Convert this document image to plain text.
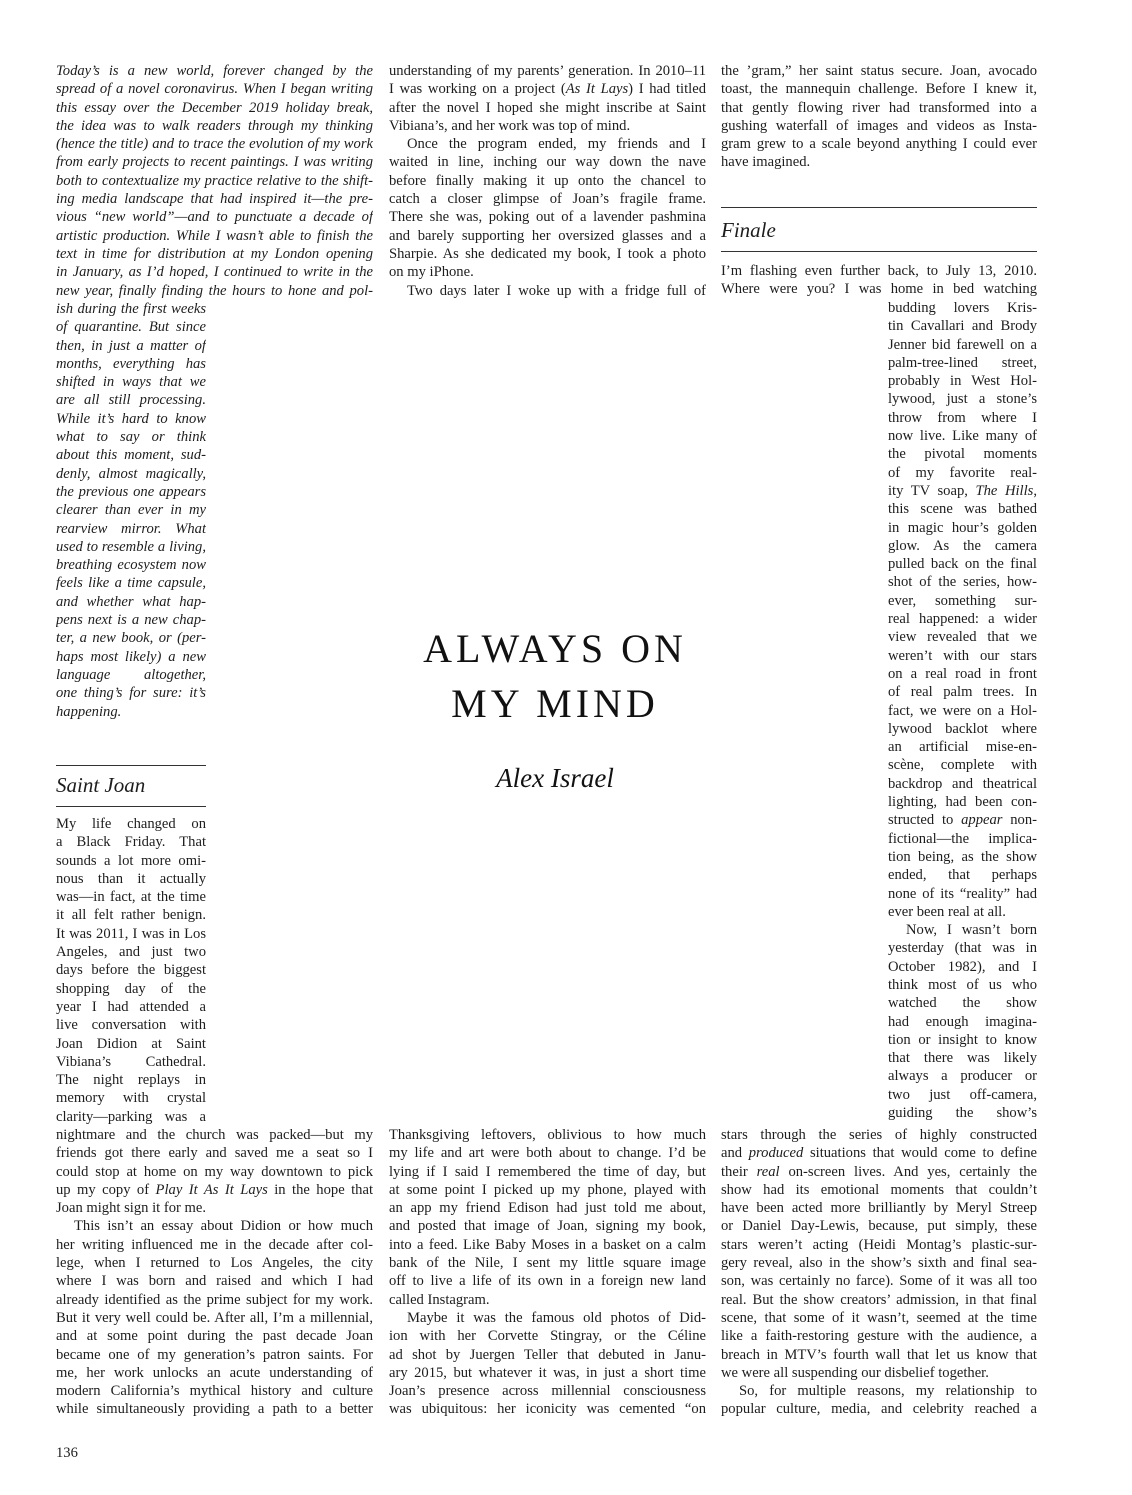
Today’s is a new world, forever changed by the
spread of a novel coronavirus. When I began writing
this essay over the December 2019 holiday break,
the idea was to walk readers through my thinking
(hence the title) and to trace the evolution of my work
from early projects to recent paintings. I was writing
both to contextualize my practice relative to the shift-
ing media landscape that had inspired it—the pre-
vious “new world”—and to punctuate a decade of
artistic production. While I wasn’t able to finish the
text in time for distribution at my London opening
in January, as I’d hoped, I continued to write in the
new year, finally finding the hours to hone and pol-
ish during the first weeks
of quarantine. But since
then, in just a matter of
months, everything has
shifted in ways that we
are all still processing.
While it’s hard to know
what to say or think
about this moment, sud-
denly, almost magically,
the previous one appears
clearer than ever in my
rearview mirror. What
used to resemble a living,
breathing ecosystem now
feels like a time capsule,
and whether what hap-
pens next is a new chap-
ter, a new book, or (per-
haps most likely) a new
language altogether,
one thing’s for sure: it’s
happening.
Saint Joan
My life changed on
a Black Friday. That
sounds a lot more omi-
nous than it actually
was—in fact, at the time
it all felt rather benign.
It was 2011, I was in Los
Angeles, and just two
days before the biggest
shopping day of the
year I had attended a
live conversation with
Joan Didion at Saint
Vibiana’s Cathedral.
The night replays in
memory with crystal
clarity—parking was a
nightmare and the church was packed—but my
friends got there early and saved me a seat so I
could stop at home on my way downtown to pick
up my copy of Play It As It Lays in the hope that
Joan might sign it for me.
This isn’t an essay about Didion or how much
her writing influenced me in the decade after col-
lege, when I returned to Los Angeles, the city
where I was born and raised and which I had
already identified as the prime subject for my work.
But it very well could be. After all, I’m a millennial,
and at some point during the past decade Joan
became one of my generation’s patron saints. For
me, her work unlocks an acute understanding of
modern California’s mythical history and culture
while simultaneously providing a path to a better
136
understanding of my parents’ generation. In 2010–11
I was working on a project (As It Lays) I had titled
after the novel I hoped she might inscribe at Saint
Vibiana’s, and her work was top of mind.
Once the program ended, my friends and I
waited in line, inching our way down the nave
before finally making it up onto the chancel to
catch a closer glimpse of Joan’s fragile frame.
There she was, poking out of a lavender pashmina
and barely supporting her oversized glasses and a
Sharpie. As she dedicated my book, I took a photo
on my iPhone.
Two days later I woke up with a fridge full of
ALWAYS ON
MY MIND
Alex Israel
Thanksgiving leftovers, oblivious to how much
my life and art were both about to change. I’d be
lying if I said I remembered the time of day, but
at some point I picked up my phone, played with
an app my friend Edison had just told me about,
and posted that image of Joan, signing my book,
into a feed. Like Baby Moses in a basket on a calm
bank of the Nile, I sent my little square image
off to live a life of its own in a foreign new land
called Instagram.
Maybe it was the famous old photos of Did-
ion with her Corvette Stingray, or the Céline
ad shot by Juergen Teller that debuted in Janu-
ary 2015, but whatever it was, in just a short time
Joan’s presence across millennial consciousness
was ubiquitous: her iconicity was cemented “on
the ’gram,” her saint status secure. Joan, avocado
toast, the mannequin challenge. Before I knew it,
that gently flowing river had transformed into a
gushing waterfall of images and videos as Insta-
gram grew to a scale beyond anything I could ever
have imagined.
Finale
I’m flashing even further back, to July 13, 2010.
Where were you? I was home in bed watching
budding lovers Kris-
tin Cavallari and Brody
Jenner bid farewell on a
palm-tree-lined street,
probably in West Hol-
lywood, just a stone’s
throw from where I
now live. Like many of
the pivotal moments
of my favorite real-
ity TV soap, The Hills,
this scene was bathed
in magic hour’s golden
glow. As the camera
pulled back on the final
shot of the series, how-
ever, something sur-
real happened: a wider
view revealed that we
weren’t with our stars
on a real road in front
of real palm trees. In
fact, we were on a Hol-
lywood backlot where
an artificial mise-en-
scène, complete with
backdrop and theatrical
lighting, had been con-
structed to appear non-
fictional—the implica-
tion being, as the show
ended, that perhaps
none of its “reality” had
ever been real at all.
Now, I wasn’t born
yesterday (that was in
October 1982), and I
think most of us who
watched the show
had enough imagina-
tion or insight to know
that there was likely
always a producer or
two just off-camera,
guiding the show’s
stars through the series of highly constructed
and produced situations that would come to define
their real on-screen lives. And yes, certainly the
show had its emotional moments that couldn’t
have been acted more brilliantly by Meryl Streep
or Daniel Day-Lewis, because, put simply, these
stars weren’t acting (Heidi Montag’s plastic-sur-
gery reveal, also in the show’s sixth and final sea-
son, was certainly no farce). Some of it was all too
real. But the show creators’ admission, in that final
scene, that some of it wasn’t, seemed at the time
like a faith-restoring gesture with the audience, a
breach in MTV’s fourth wall that let us know that
we were all suspending our disbelief together.
So, for multiple reasons, my relationship to
popular culture, media, and celebrity reached a
